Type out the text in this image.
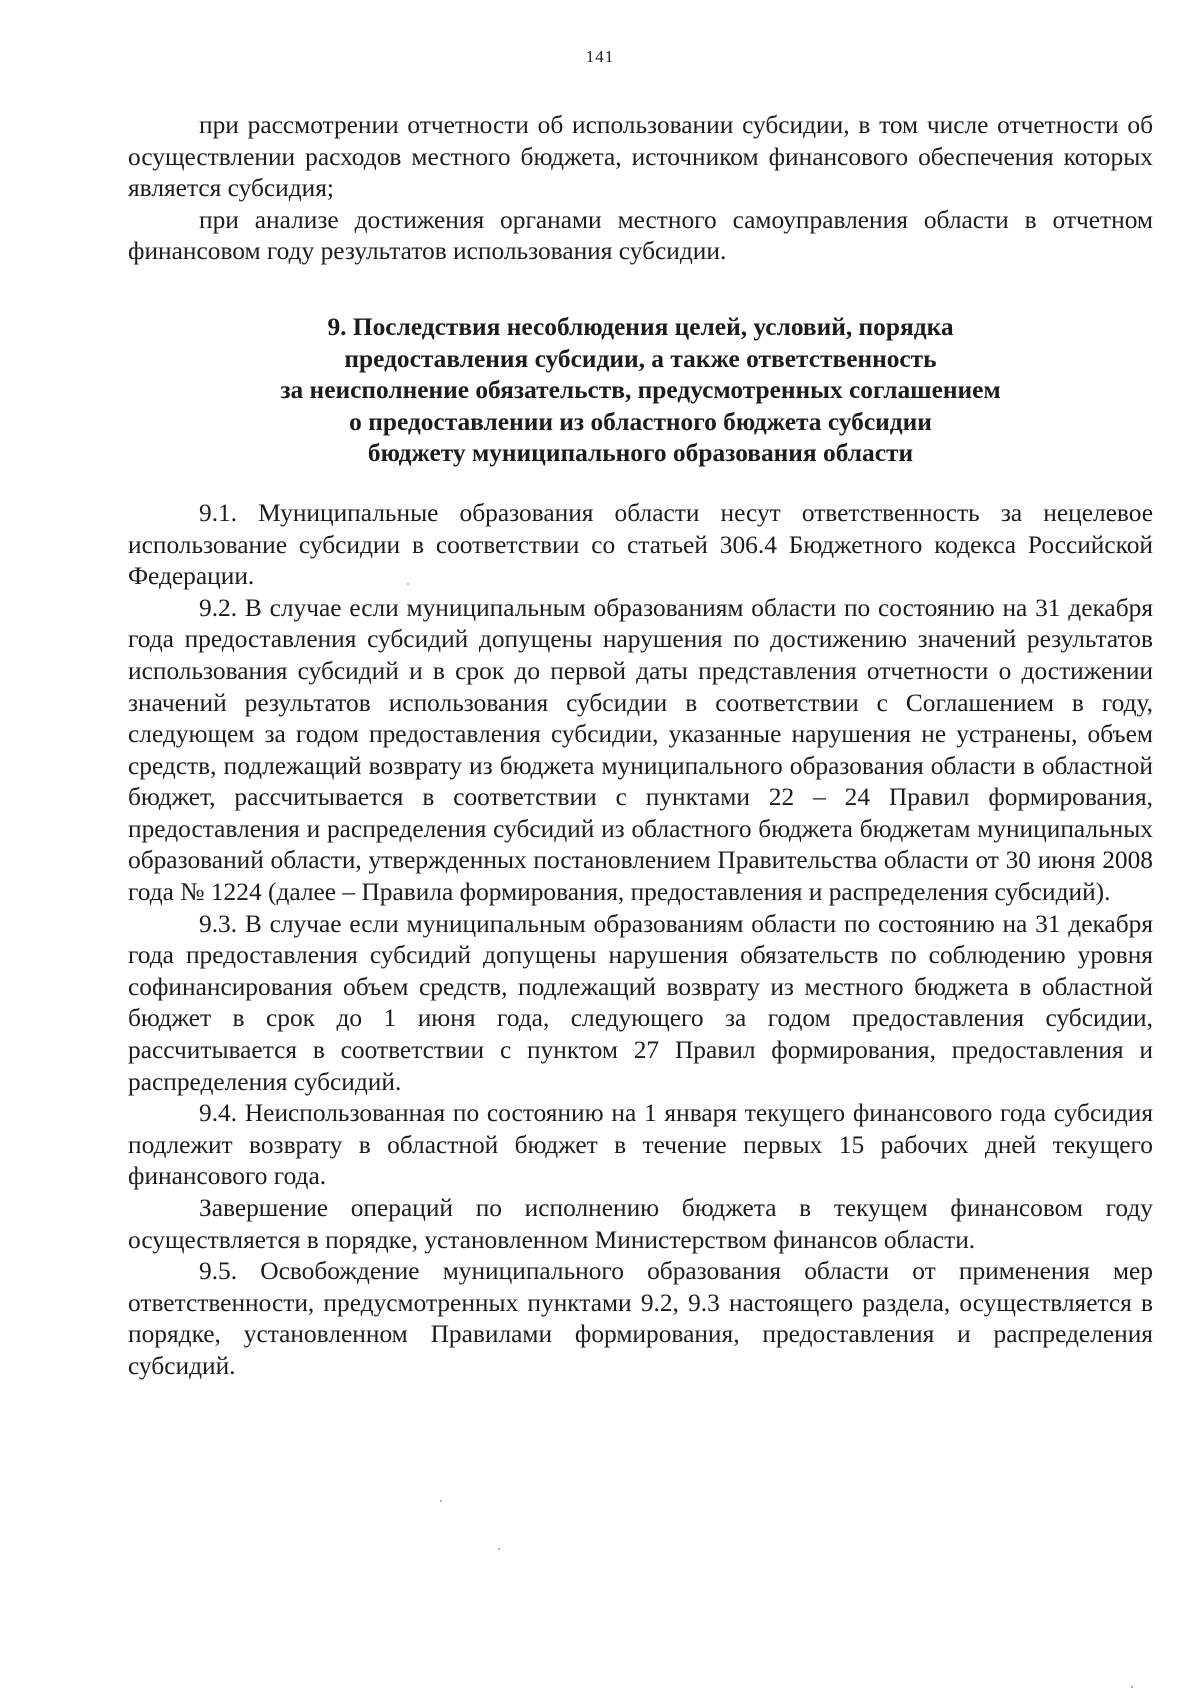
141

при рассмотрении отчетности об использовании субсидии, в том числе отчетности об осуществлении расходов местного бюджета, источником финансового обеспечения которых является субсидия;

при анализе достижения органами местного самоуправления области в отчетном финансовом году результатов использования субсидии.

9. Последствия несоблюдения целей, условий, порядка
предоставления субсидии, а также ответственность
за неисполнение обязательств, предусмотренных соглашением
о предоставлении из областного бюджета субсидии
бюджету муниципального образования области

9.1. Муниципальные образования области несут ответственность за нецелевое использование субсидии в соответствии со статьей 306.4 Бюджетного кодекса Российской Федерации.

9.2. В случае если муниципальным образованиям области по состоянию на 31 декабря года предоставления субсидий допущены нарушения по достижению значений результатов использования субсидий и в срок до первой даты представления отчетности о достижении значений результатов использования субсидии в соответствии с Соглашением в году, следующем за годом предоставления субсидии, указанные нарушения не устранены, объем средств, подлежащий возврату из бюджета муниципального образования области в областной бюджет, рассчитывается в соответствии с пунктами 22 – 24 Правил формирования, предоставления и распределения субсидий из областного бюджета бюджетам муниципальных образований области, утвержденных постановлением Правительства области от 30 июня 2008 года № 1224 (далее – Правила формирования, предоставления и распределения субсидий).

9.3. В случае если муниципальным образованиям области по состоянию на 31 декабря года предоставления субсидий допущены нарушения обязательств по соблюдению уровня софинансирования объем средств, подлежащий возврату из местного бюджета в областной бюджет в срок до 1 июня года, следующего за годом предоставления субсидии, рассчитывается в соответствии с пунктом 27 Правил формирования, предоставления и распределения субсидий.

9.4. Неиспользованная по состоянию на 1 января текущего финансового года субсидия подлежит возврату в областной бюджет в течение первых 15 рабочих дней текущего финансового года.

Завершение операций по исполнению бюджета в текущем финансовом году осуществляется в порядке, установленном Министерством финансов области.

9.5. Освобождение муниципального образования области от применения мер ответственности, предусмотренных пунктами 9.2, 9.3 настоящего раздела, осуществляется в порядке, установленном Правилами формирования, предоставления и распределения субсидий.
